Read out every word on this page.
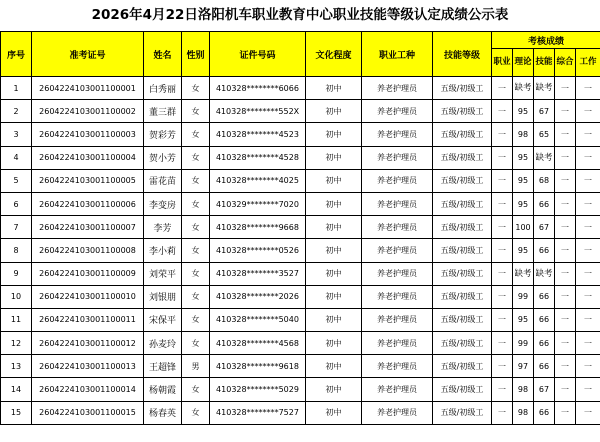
2026年4月22日洛阳机车职业教育中心职业技能等级认定成绩公示表
序号	准考证号	姓名	性别	证件号码	文化程度	职业工种	技能等级	考核成绩				
								职业	理论	技能	综合	工作
1	2604224103001100001	白秀丽	女	410328********6066	初中	养老护理员	五级/初级工	一	缺考	缺考	一	一
2	2604224103001100002	董三群	女	410328********552X	初中	养老护理员	五级/初级工	一	95	67	一	一
3	2604224103001100003	贺彩芳	女	410328********4523	初中	养老护理员	五级/初级工	一	98	65	一	一
4	2604224103001100004	贺小芳	女	410328********4528	初中	养老护理员	五级/初级工	一	95	缺考	一	一
5	2604224103001100005	雷花苗	女	410328********4025	初中	养老护理员	五级/初级工	一	95	68	一	一
6	2604224103001100006	李变房	女	410329********7020	初中	养老护理员	五级/初级工	一	95	66	一	一
7	2604224103001100007	李芳	女	410328********9668	初中	养老护理员	五级/初级工	一	100	67	一	一
8	2604224103001100008	李小莉	女	410328********0526	初中	养老护理员	五级/初级工	一	95	66	一	一
9	2604224103001100009	刘荣平	女	410328********3527	初中	养老护理员	五级/初级工	一	缺考	缺考	一	一
10	2604224103001100010	刘银朋	女	410328********2026	初中	养老护理员	五级/初级工	一	99	66	一	一
11	2604224103001100011	宋保平	女	410328********5040	初中	养老护理员	五级/初级工	一	95	66	一	一
12	2604224103001100012	孙麦玲	女	410328********4568	初中	养老护理员	五级/初级工	一	99	66	一	一
13	2604224103001100013	王超锋	男	410328********9618	初中	养老护理员	五级/初级工	一	97	66	一	一
14	2604224103001100014	杨朝霞	女	410328********5029	初中	养老护理员	五级/初级工	一	98	67	一	一
15	2604224103001100015	杨春英	女	410328********7527	初中	养老护理员	五级/初级工	一	98	66	一	一
